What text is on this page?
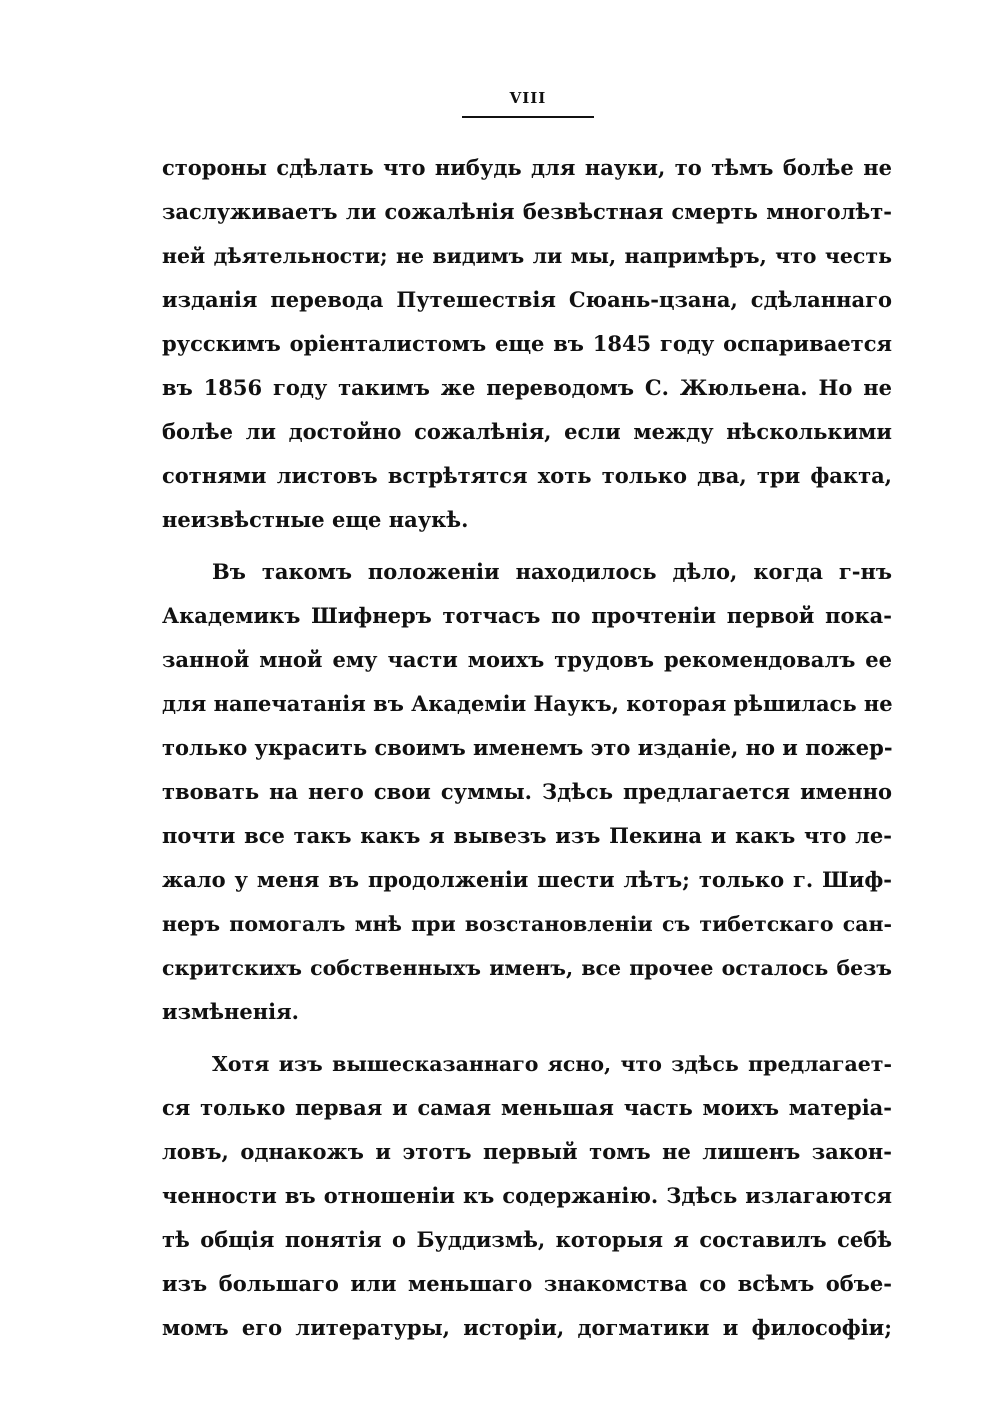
VIII
стороны сдѣлать что нибудь для науки, то тѣмъ болѣе не
заслуживаетъ ли сожалѣнія безвѣстная смерть многолѣт-
ней дѣятельности; не видимъ ли мы, напримѣръ, что честь
изданія перевода Путешествія Сюань-цзана, сдѣланнаго
русскимъ оріенталистомъ еще въ 1845 году оспаривается
въ 1856 году такимъ же переводомъ С. Жюльена. Но не
болѣе ли достойно сожалѣнія, если между нѣсколькими
сотнями листовъ встрѣтятся хоть только два, три факта,
неизвѣстные еще наукѣ.
Въ такомъ положеніи находилось дѣло, когда г-нъ
Академикъ Шифнеръ тотчасъ по прочтеніи первой пока-
занной мной ему части моихъ трудовъ рекомендовалъ ее
для напечатанія въ Академіи Наукъ, которая рѣшилась не
только украсить своимъ именемъ это изданіе, но и пожер-
твовать на него свои суммы. Здѣсь предлагается именно
почти все такъ какъ я вывезъ изъ Пекина и какъ что ле-
жало у меня въ продолженіи шести лѣтъ; только г. Шиф-
неръ помогалъ мнѣ при возстановленіи съ тибетскаго сан-
скритскихъ собственныхъ именъ, все прочее осталось безъ
измѣненія.
Хотя изъ вышесказаннаго ясно, что здѣсь предлагает-
ся только первая и самая меньшая часть моихъ матеріа-
ловъ, однакожъ и этотъ первый томъ не лишенъ закон-
ченности въ отношеніи къ содержанію. Здѣсь излагаются
тѣ общія понятія о Буддизмѣ, которыя я составилъ себѣ
изъ большаго или меньшаго знакомства со всѣмъ объе-
момъ его литературы, исторіи, догматики и философіи;
